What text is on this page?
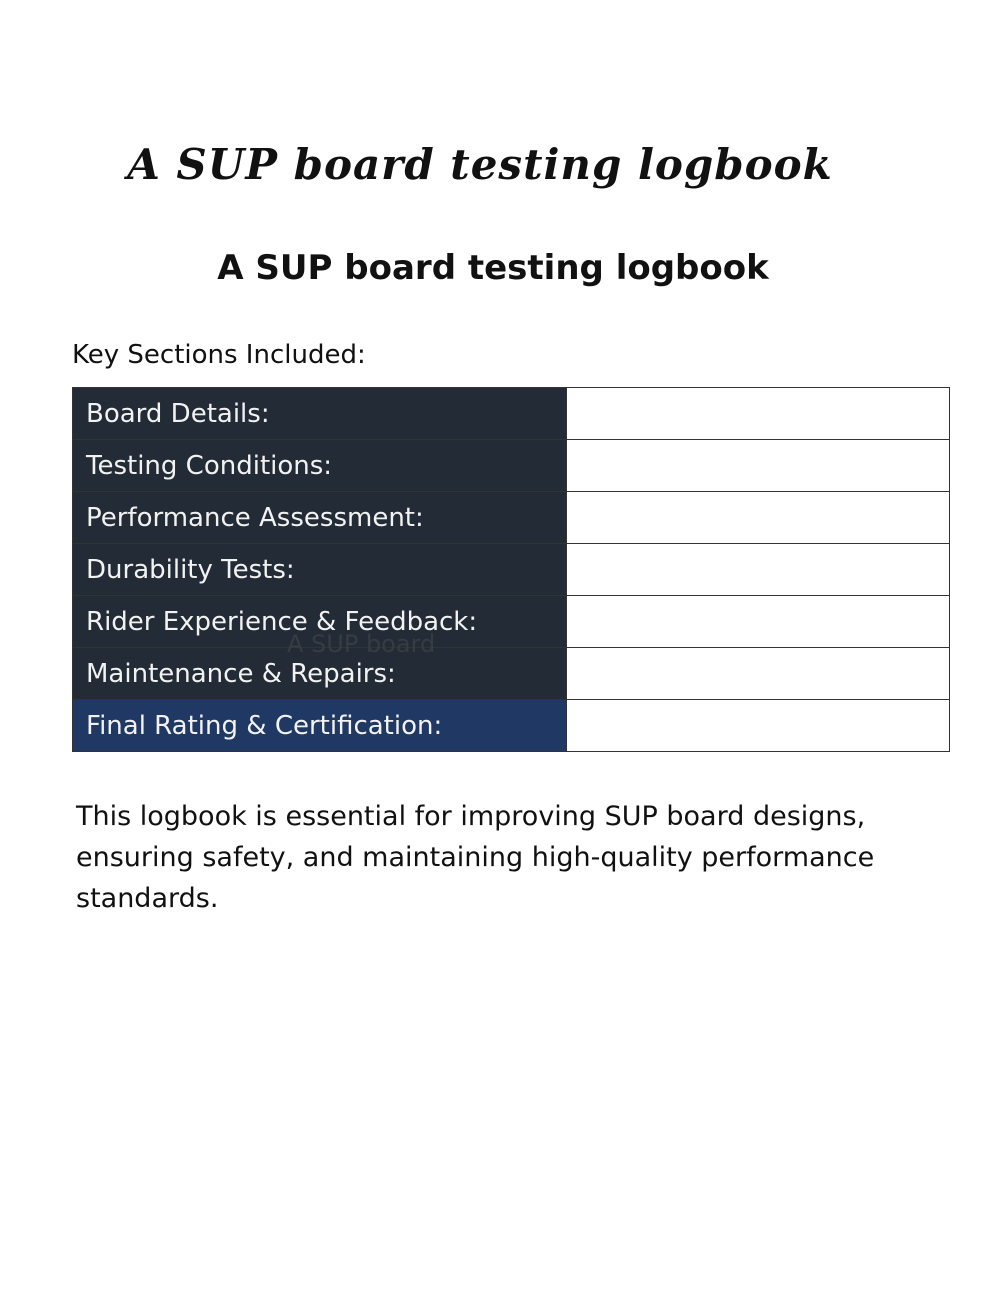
A SUP board testing logbook
A SUP board testing logbook
Key Sections Included:
Board Details:	
Testing Conditions:	
Performance Assessment:	
Durability Tests:	
Rider Experience & Feedback:	
Maintenance & Repairs:	
Final Rating & Certification:	
A SUP board
This logbook is essential for improving SUP board designs, ensuring safety, and maintaining high-quality performance standards.
